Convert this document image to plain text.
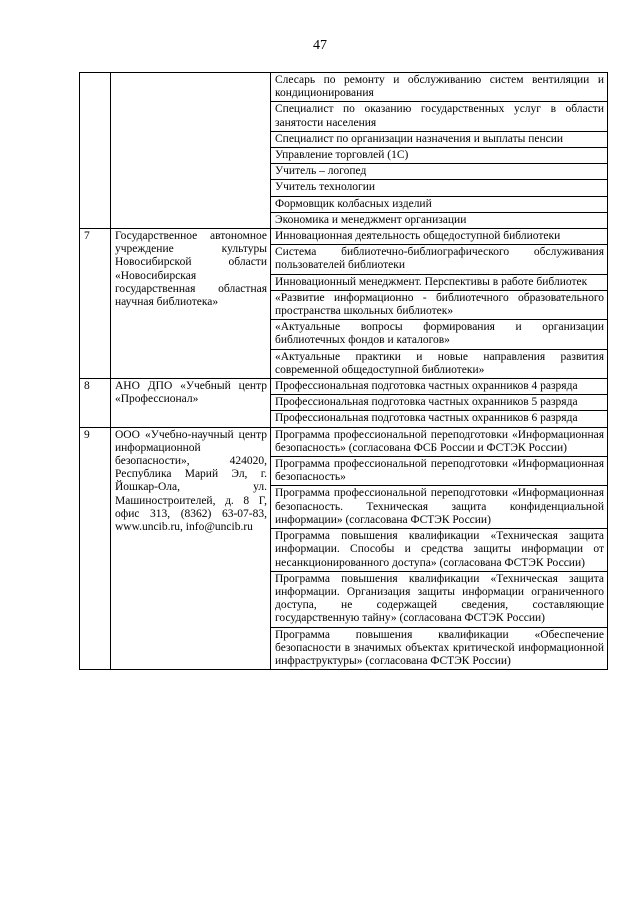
47
		Слесарь по ремонту и обслуживанию систем вентиляции и кондиционирования
		Специалист по оказанию государственных услуг в области занятости населения
		Специалист по организации назначения и выплаты пенсии
		Управление торговлей (1С)
		Учитель – логопед
		Учитель технологии
		Формовщик колбасных изделий
		Экономика и менеджмент организации
7	Государственное автономное учреждение культуры Новосибирской области «Новосибирская государственная областная научная библиотека»	Инновационная деятельность общедоступной библиотеки
		Система библиотечно-библиографического обслуживания пользователей библиотеки
		Инновационный менеджмент. Перспективы в работе библиотек
		«Развитие информационно - библиотечного образовательного пространства школьных библиотек»
		«Актуальные вопросы формирования и организации библиотечных фондов и каталогов»
		«Актуальные практики и новые направления развития современной общедоступной библиотеки»
8	АНО ДПО «Учебный центр «Профессионал»	Профессиональная подготовка частных охранников 4 разряда
		Профессиональная подготовка частных охранников 5 разряда
		Профессиональная подготовка частных охранников 6 разряда
9	ООО «Учебно-научный центр информационной безопасности», 424020, Республика Марий Эл, г. Йошкар-Ола, ул. Машиностроителей, д. 8 Г, офис 313, (8362) 63-07-83, www.uncib.ru, info@uncib.ru	Программа профессиональной переподготовки «Информационная безопасность» (согласована ФСБ России и ФСТЭК России)
		Программа профессиональной переподготовки «Информационная безопасность»
		Программа профессиональной переподготовки «Информационная безопасность. Техническая защита конфиденциальной информации» (согласована ФСТЭК России)
		Программа повышения квалификации «Техническая защита информации. Способы и средства защиты информации от несанкционированного доступа» (согласована ФСТЭК России)
		Программа повышения квалификации «Техническая защита информации. Организация защиты информации ограниченного доступа, не содержащей сведения, составляющие государственную тайну» (согласована ФСТЭК России)
		Программа повышения квалификации «Обеспечение безопасности в значимых объектах критической информационной инфраструктуры» (согласована ФСТЭК России)
